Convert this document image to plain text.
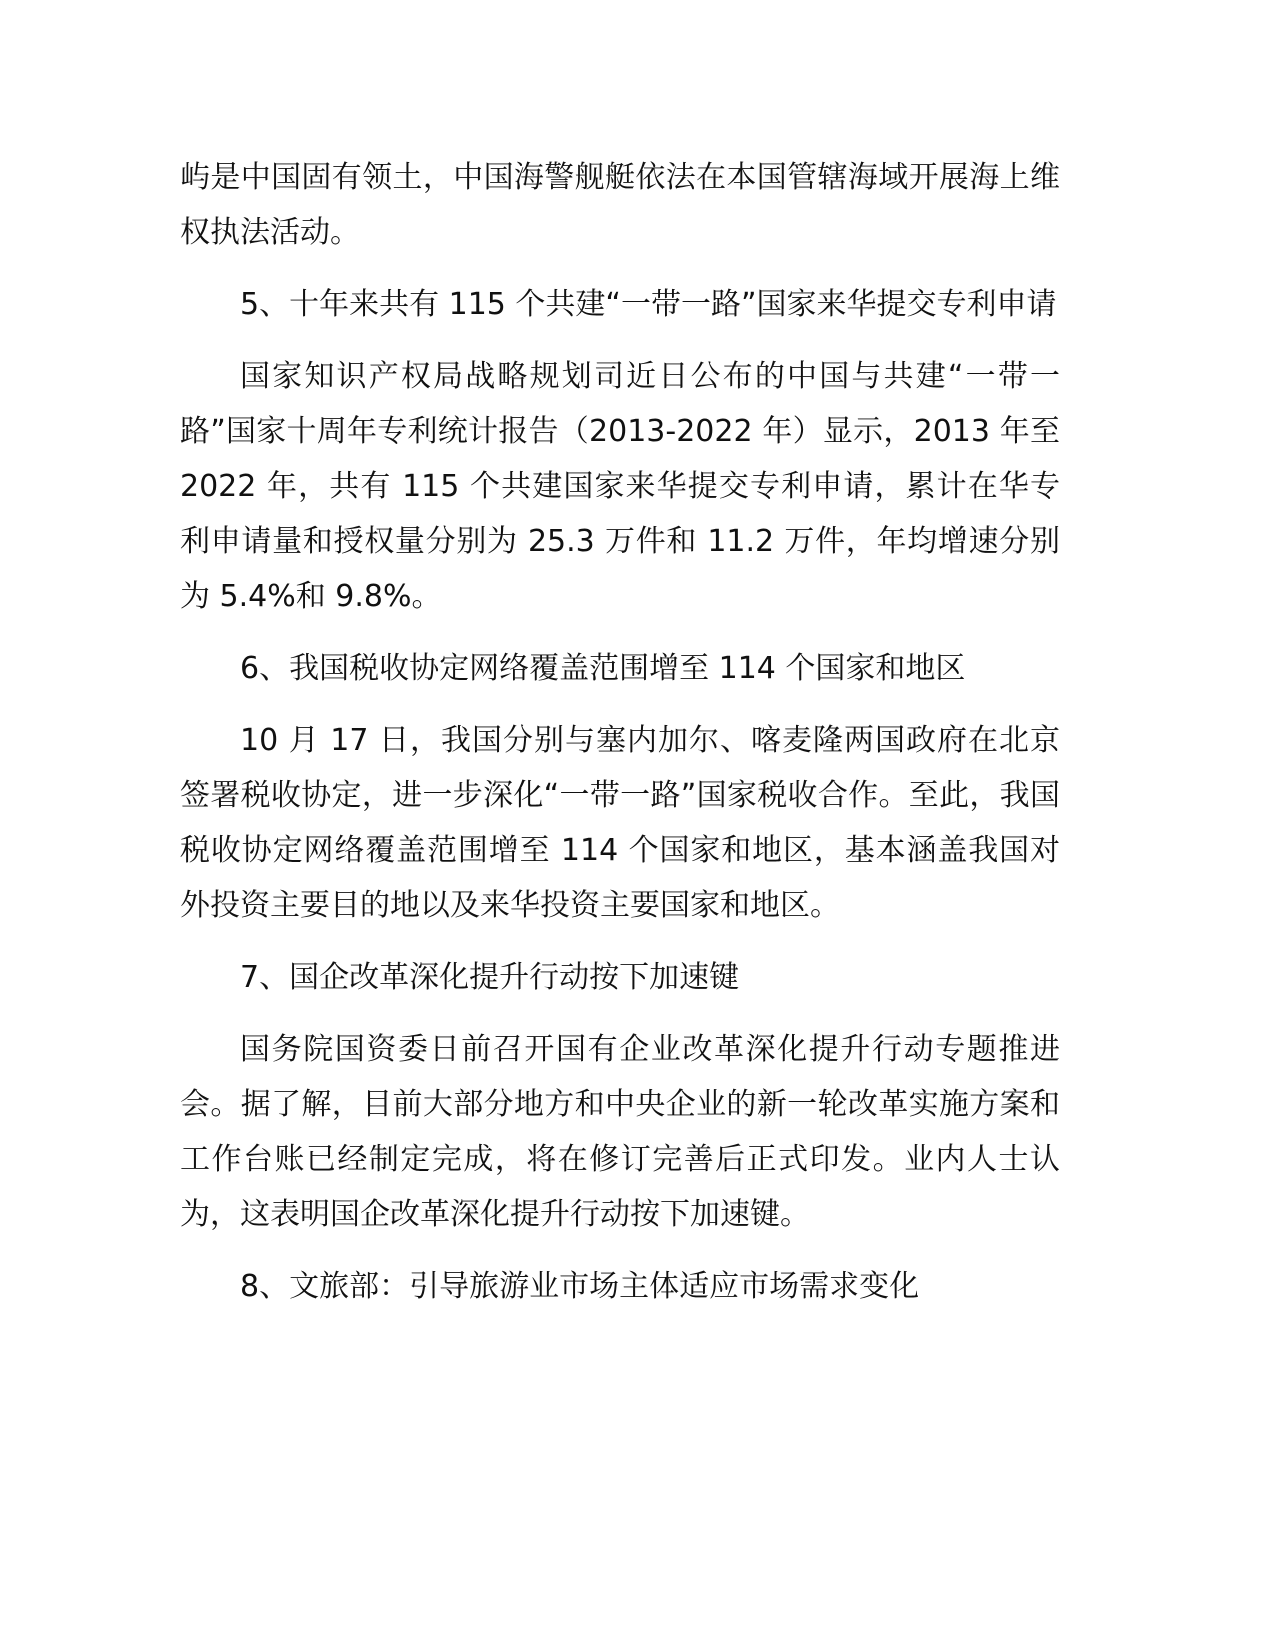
屿是中国固有领土，中国海警舰艇依法在本国管辖海域开展海上维权执法活动。

5、十年来共有 115 个共建“一带一路”国家来华提交专利申请

国家知识产权局战略规划司近日公布的中国与共建“一带一路”国家十周年专利统计报告（2013-2022 年）显示，2013 年至 2022 年，共有 115 个共建国家来华提交专利申请，累计在华专利申请量和授权量分别为 25.3 万件和 11.2 万件，年均增速分别为 5.4%和 9.8%。

6、我国税收协定网络覆盖范围增至 114 个国家和地区

10 月 17 日，我国分别与塞内加尔、喀麦隆两国政府在北京签署税收协定，进一步深化“一带一路”国家税收合作。至此，我国税收协定网络覆盖范围增至 114 个国家和地区，基本涵盖我国对外投资主要目的地以及来华投资主要国家和地区。

7、国企改革深化提升行动按下加速键

国务院国资委日前召开国有企业改革深化提升行动专题推进会。据了解，目前大部分地方和中央企业的新一轮改革实施方案和工作台账已经制定完成，将在修订完善后正式印发。业内人士认为，这表明国企改革深化提升行动按下加速键。

8、文旅部：引导旅游业市场主体适应市场需求变化
